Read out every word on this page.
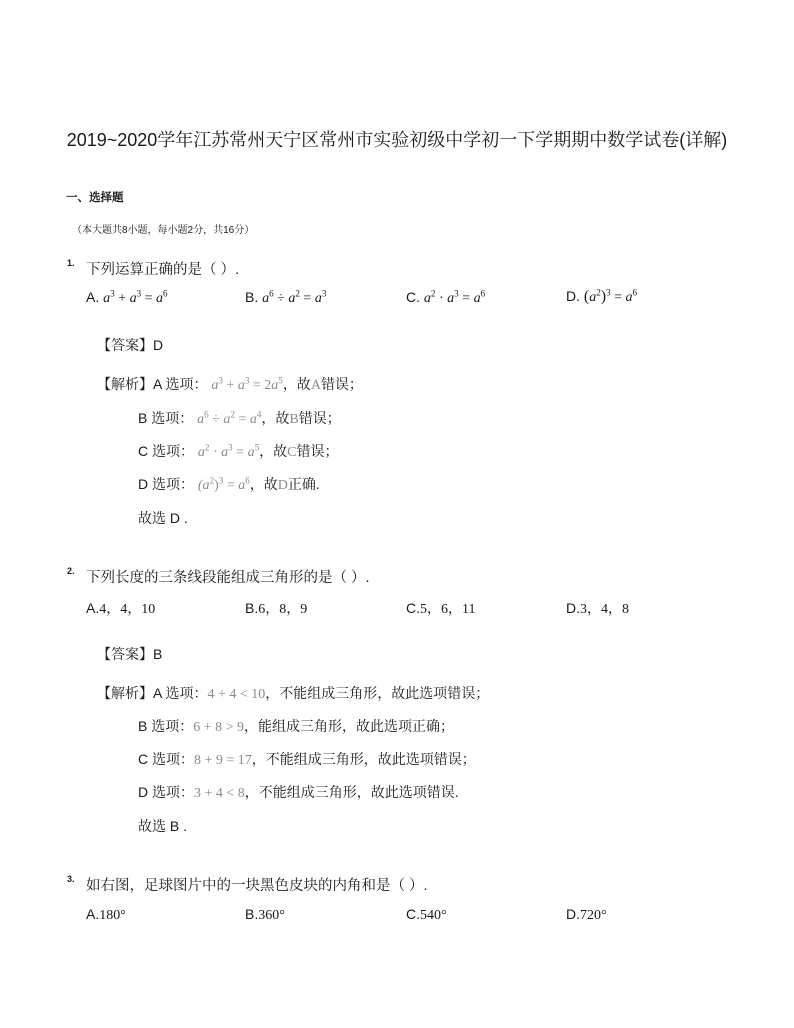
2019~2020学年江苏常州天宁区常州市实验初级中学初一下学期期中数学试卷(详解)
一、选择题
（本大题共8小题，每小题2分，共16分）
1. 下列运算正确的是（ ）.
A. $a^3 + a^3 = a^6$	B. $a^6 \div a^2 = a^3$	C. $a^2 \cdot a^3 = a^6$	D. $(a^2)^3 = a^6$
【答案】D
【解析】A 选项： $a^3 + a^3 = 2a^5$，故A错误；
B 选项： $a^6 \div a^2 = a^4$，故B错误；
C 选项： $a^2 \cdot a^3 = a^5$，故C错误；
D 选项： $(a^2)^3 = a^6$，故D正确.
故选 D .
2. 下列长度的三条线段能组成三角形的是（ ）.
A.4，4，10	B.6，8，9	C.5，6，11	D.3，4，8
【答案】B
【解析】A 选项：4 + 4 < 10，不能组成三角形，故此选项错误；
B 选项：6 + 8 > 9，能组成三角形，故此选项正确；
C 选项：8 + 9 = 17，不能组成三角形，故此选项错误；
D 选项：3 + 4 < 8，不能组成三角形，故此选项错误.
故选 B .
3. 如右图，足球图片中的一块黑色皮块的内角和是（ ）.
A.180°	B.360°	C.540°	D.720°
